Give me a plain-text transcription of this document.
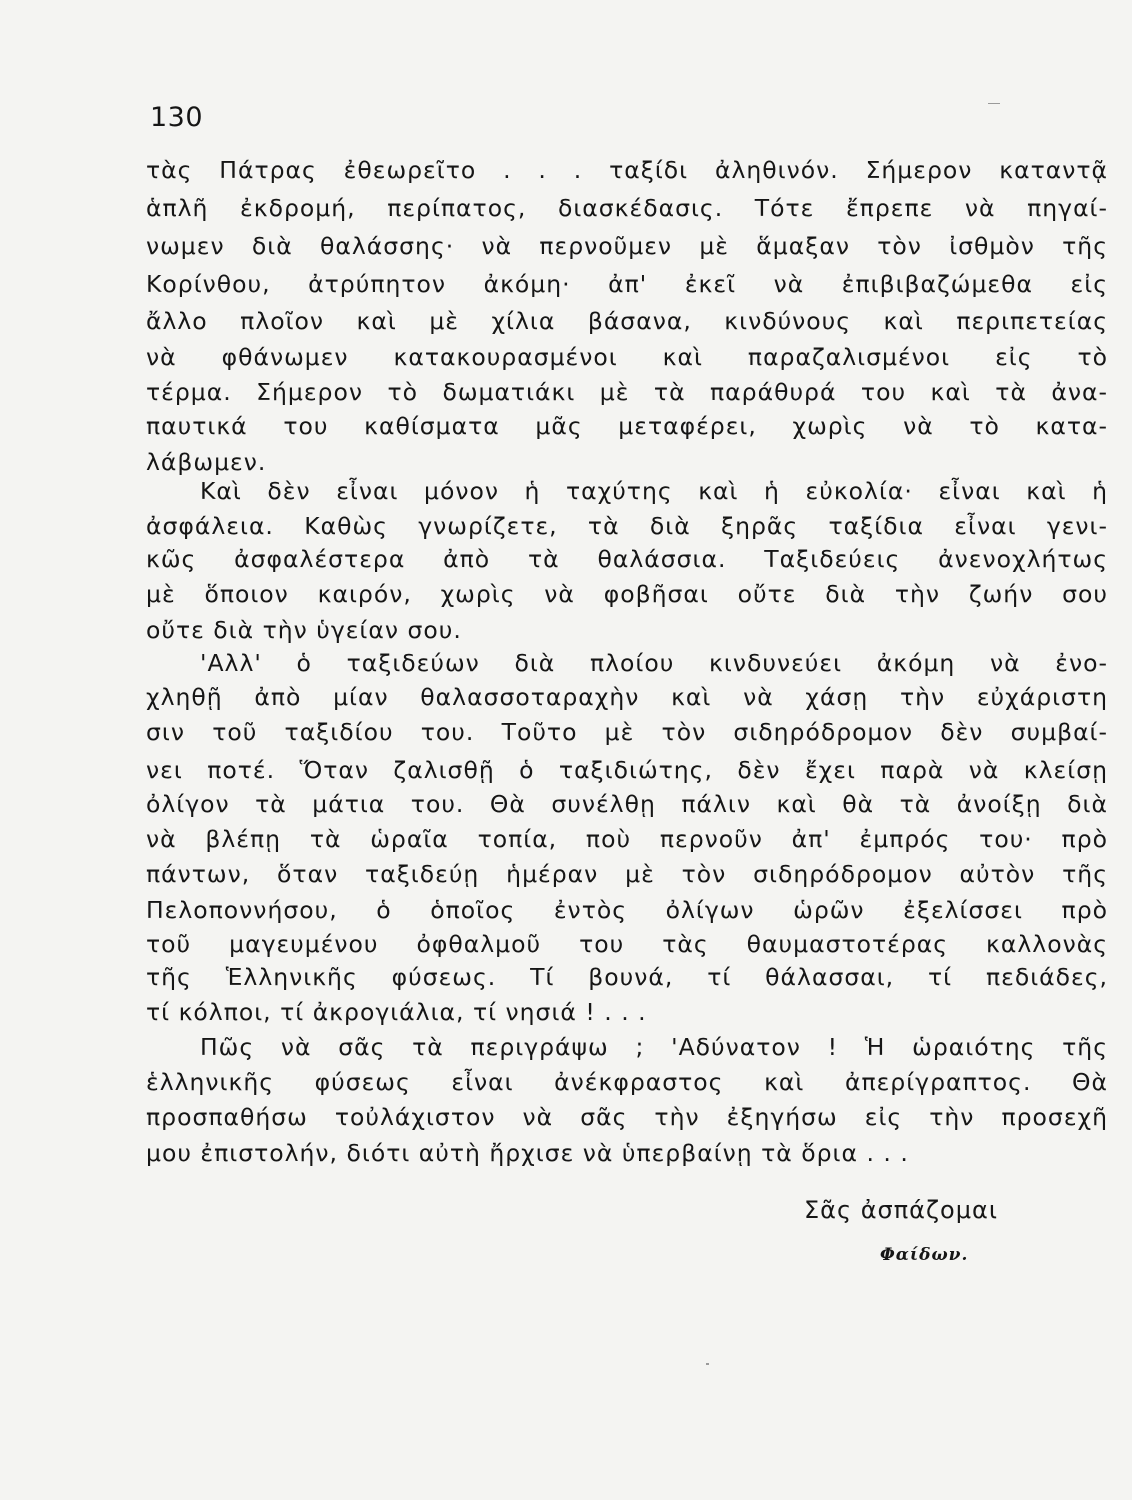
130
τὰς Πάτρας ἐθεωρεῖτο . . . ταξίδι ἀληθινόν. Σήμερον καταντᾷ
ἁπλῆ ἐκδρομή, περίπατος, διασκέδασις. Τότε ἔπρεπε νὰ πηγαί-
νωμεν διὰ θαλάσσης· νὰ περνοῦμεν μὲ ἅμαξαν τὸν ἰσθμὸν τῆς
Κορίνθου, ἀτρύπητον ἀκόμη· ἀπ' ἐκεῖ νὰ ἐπιβιβαζώμεθα εἰς
ἄλλο πλοῖον καὶ μὲ χίλια βάσανα, κινδύνους καὶ περιπετείας
νὰ φθάνωμεν κατακουρασμένοι καὶ παραζαλισμένοι εἰς τὸ
τέρμα. Σήμερον τὸ δωματιάκι μὲ τὰ παράθυρά του καὶ τὰ ἀνα-
παυτικά του καθίσματα μᾶς μεταφέρει, χωρὶς νὰ τὸ κατα-
λάβωμεν.
Καὶ δὲν εἶναι μόνον ἡ ταχύτης καὶ ἡ εὐκολία· εἶναι καὶ ἡ
ἀσφάλεια. Καθὼς γνωρίζετε, τὰ διὰ ξηρᾶς ταξίδια εἶναι γενι-
κῶς ἀσφαλέστερα ἀπὸ τὰ θαλάσσια. Ταξιδεύεις ἀνενοχλήτως
μὲ ὅποιον καιρόν, χωρὶς νὰ φοβῆσαι οὔτε διὰ τὴν ζωήν σου
οὔτε διὰ τὴν ὑγείαν σου.
'Αλλ' ὁ ταξιδεύων διὰ πλοίου κινδυνεύει ἀκόμη νὰ ἐνο-
χληθῇ ἀπὸ μίαν θαλασσοταραχὴν καὶ νὰ χάσῃ τὴν εὐχάριστη
σιν τοῦ ταξιδίου του. Τοῦτο μὲ τὸν σιδηρόδρομον δὲν συμβαί-
νει ποτέ. Ὅταν ζαλισθῇ ὁ ταξιδιώτης, δὲν ἔχει παρὰ νὰ κλείσῃ
ὀλίγον τὰ μάτια του. Θὰ συνέλθῃ πάλιν καὶ θὰ τὰ ἀνοίξῃ διὰ
νὰ βλέπῃ τὰ ὡραῖα τοπία, ποὺ περνοῦν ἀπ' ἐμπρός του· πρὸ
πάντων, ὅταν ταξιδεύῃ ἡμέραν μὲ τὸν σιδηρόδρομον αὐτὸν τῆς
Πελοποννήσου, ὁ ὁποῖος ἐντὸς ὀλίγων ὡρῶν ἐξελίσσει πρὸ
τοῦ μαγευμένου ὀφθαλμοῦ του τὰς θαυμαστοτέρας καλλονὰς
τῆς Ἑλληνικῆς φύσεως. Τί βουνά, τί θάλασσαι, τί πεδιάδες,
τί κόλποι, τί ἀκρογιάλια, τί νησιά ! . . .
Πῶς νὰ σᾶς τὰ περιγράψω ; 'Αδύνατον ! Ἡ ὡραιότης τῆς
ἑλληνικῆς φύσεως εἶναι ἀνέκφραστος καὶ ἀπερίγραπτος. Θὰ
προσπαθήσω τοὐλάχιστον νὰ σᾶς τὴν ἐξηγήσω εἰς τὴν προσεχῆ
μου ἐπιστολήν, διότι αὐτὴ ἤρχισε νὰ ὑπερβαίνῃ τὰ ὅρια . . .
Σᾶς ἀσπάζομαι
Φαίδων.
